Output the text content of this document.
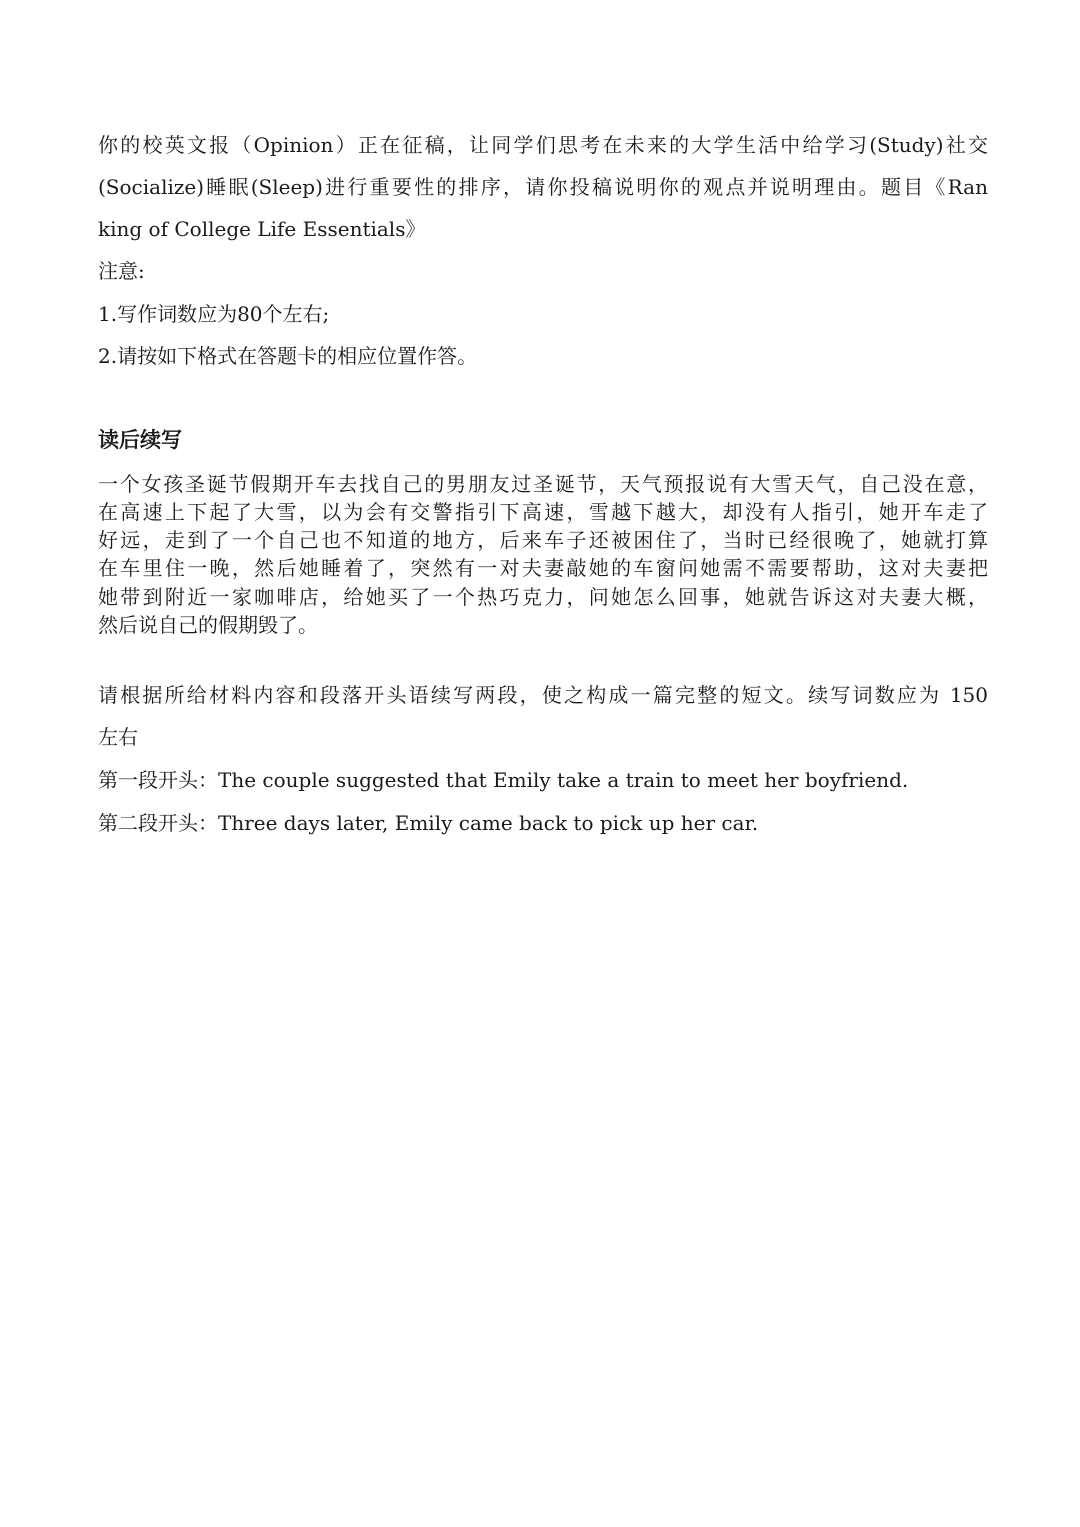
你的校英文报（Opinion）正在征稿，让同学们思考在未来的大学生活中给学习(Study)社交
(Socialize)睡眠(Sleep)进行重要性的排序，请你投稿说明你的观点并说明理由。题目《Ran
king of College Life Essentials》
注意:
1.写作词数应为80个左右;
2.请按如下格式在答题卡的相应位置作答。
读后续写
一个女孩圣诞节假期开车去找自己的男朋友过圣诞节，天气预报说有大雪天气，自己没在意，
在高速上下起了大雪，以为会有交警指引下高速，雪越下越大，却没有人指引，她开车走了
好远，走到了一个自己也不知道的地方，后来车子还被困住了，当时已经很晚了，她就打算
在车里住一晚，然后她睡着了，突然有一对夫妻敲她的车窗问她需不需要帮助，这对夫妻把
她带到附近一家咖啡店，给她买了一个热巧克力，问她怎么回事，她就告诉这对夫妻大概，
然后说自己的假期毁了。
请根据所给材料内容和段落开头语续写两段，使之构成一篇完整的短文。续写词数应为 150
左右
第一段开头：The couple suggested that Emily take a train to meet her boyfriend.
第二段开头：Three days later, Emily came back to pick up her car.
